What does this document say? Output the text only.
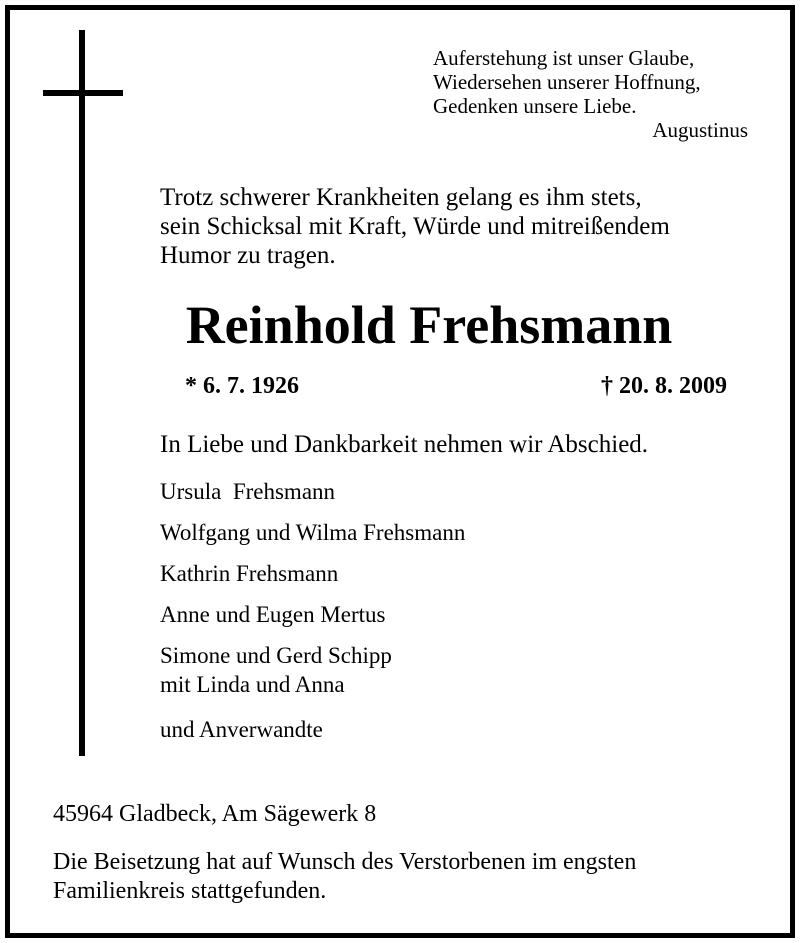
Auferstehung ist unser Glaube,
Wiedersehen unserer Hoffnung,
Gedenken unsere Liebe.
Augustinus
Trotz schwerer Krankheiten gelang es ihm stets,
sein Schicksal mit Kraft, Würde und mitreißendem
Humor zu tragen.
Reinhold Frehsmann
* 6. 7. 1926	† 20. 8. 2009
In Liebe und Dankbarkeit nehmen wir Abschied.
Ursula  Frehsmann
Wolfgang und Wilma Frehsmann
Kathrin Frehsmann
Anne und Eugen Mertus
Simone und Gerd Schipp
mit Linda und Anna
und Anverwandte
45964 Gladbeck, Am Sägewerk 8
Die Beisetzung hat auf Wunsch des Verstorbenen im engsten
Familienkreis stattgefunden.
